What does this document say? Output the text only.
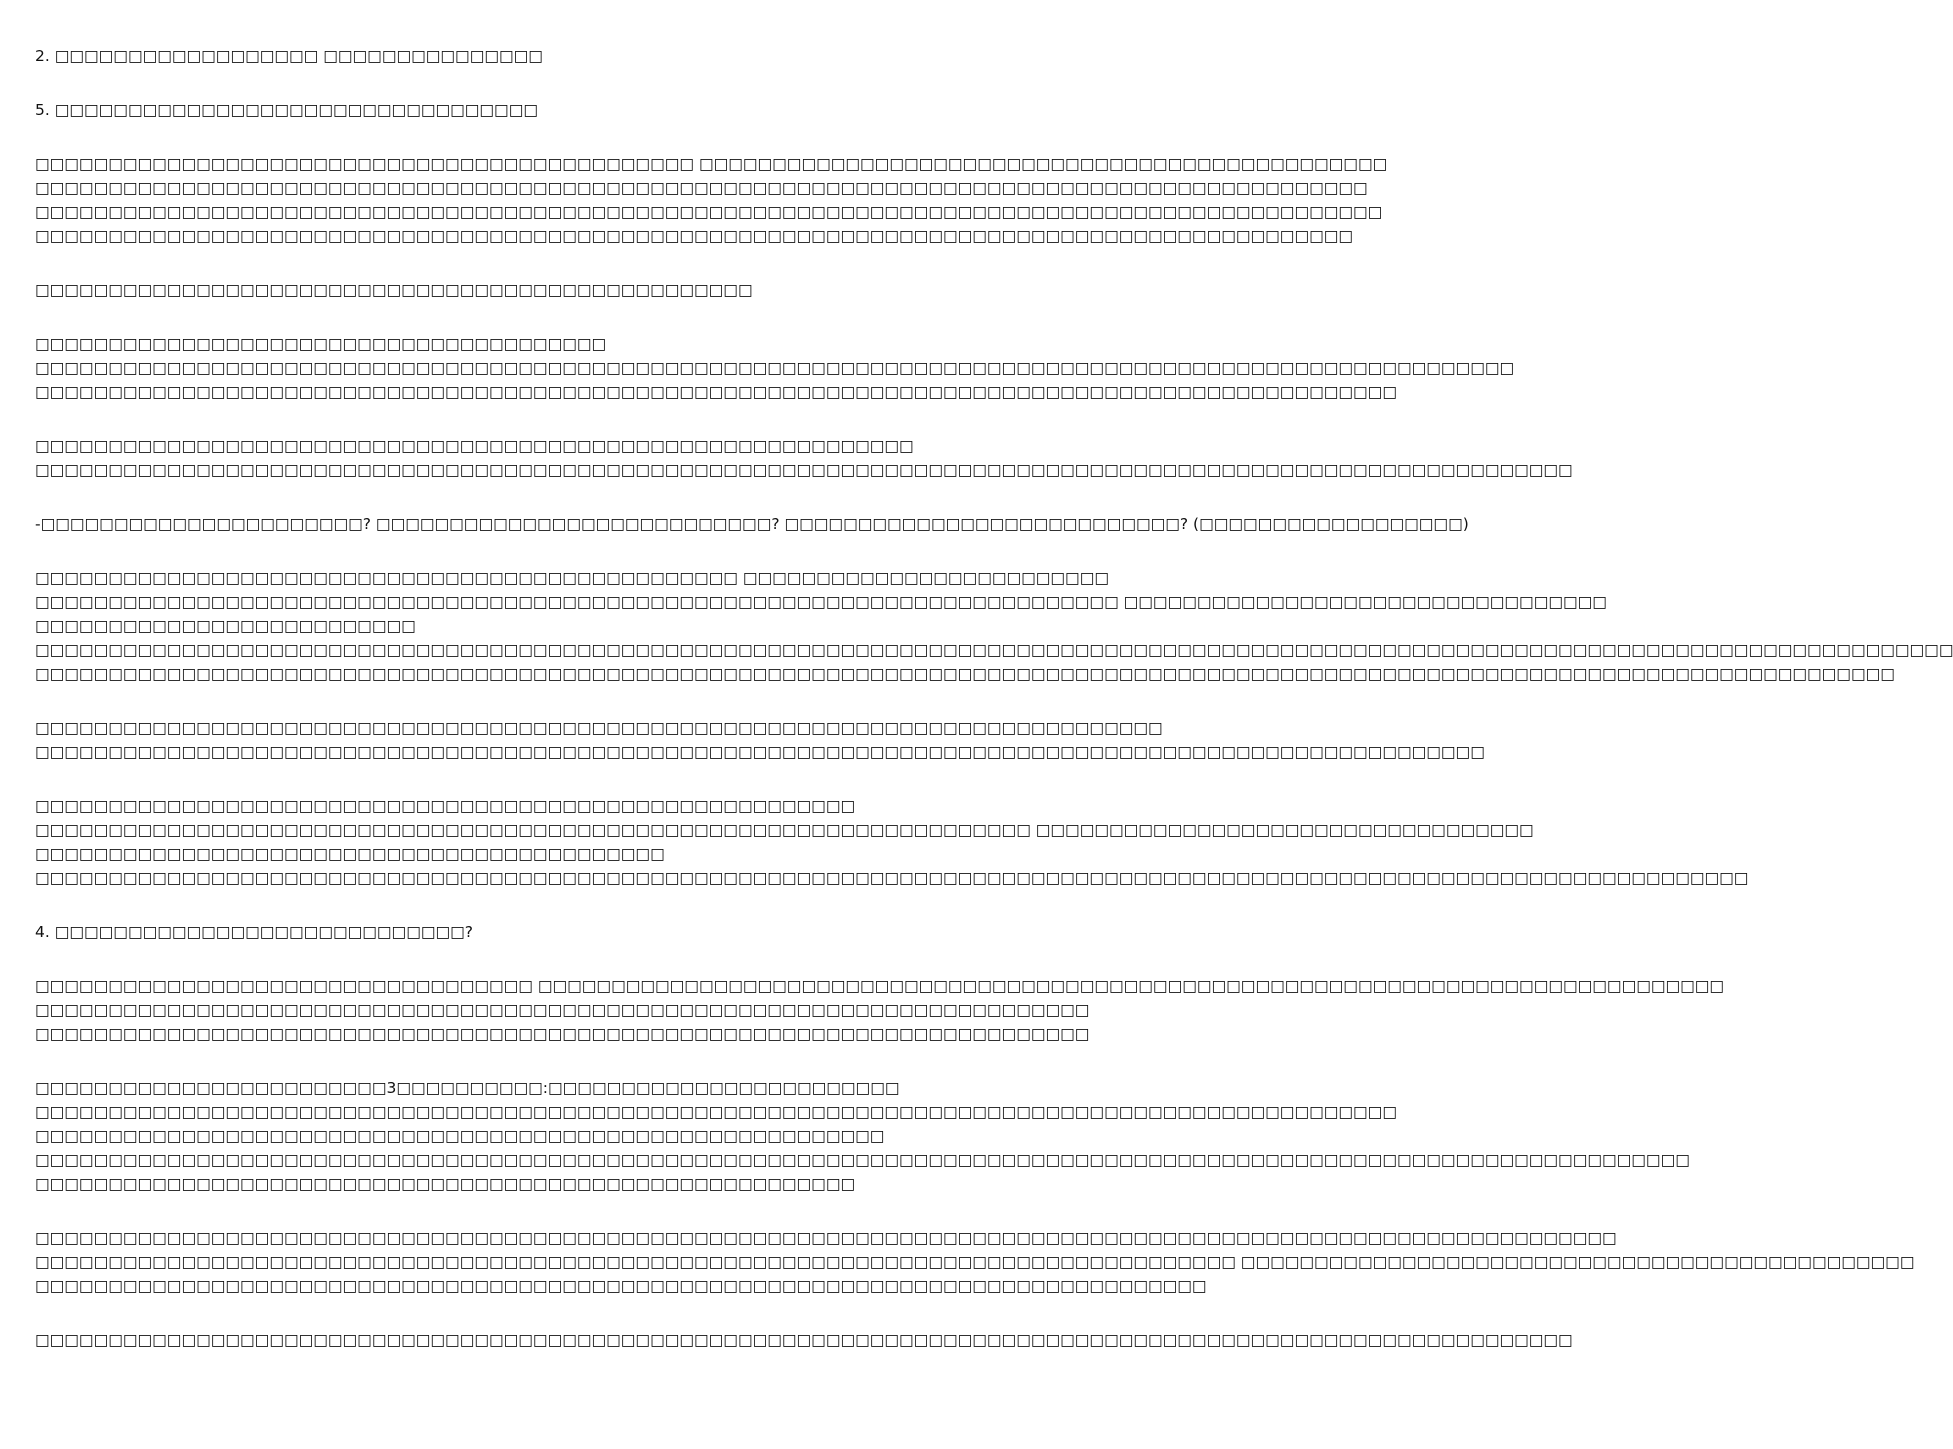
2. □□□□□□□□□□□□□□□□□□ □□□□□□□□□□□□□□□
5. □□□□□□□□□□□□□□□□□□□□□□□□□□□□□□□□□
□□□□□□□□□□□□□□□□□□□□□□□□□□□□□□□□□□□□□□□□□□□□□ □□□□□□□□□□□□□□□□□□□□□□□□□□□□□□□□□□□□□□□□□□□□□□□
□□□□□□□□□□□□□□□□□□□□□□□□□□□□□□□□□□□□□□□□□□□□□□□□□□□□□□□□□□□□□□□□□□□□□□□□□□□□□□□□□□□□□□□□□□□
□□□□□□□□□□□□□□□□□□□□□□□□□□□□□□□□□□□□□□□□□□□□□□□□□□□□□□□□□□□□□□□□□□□□□□□□□□□□□□□□□□□□□□□□□□□□
□□□□□□□□□□□□□□□□□□□□□□□□□□□□□□□□□□□□□□□□□□□□□□□□□□□□□□□□□□□□□□□□□□□□□□□□□□□□□□□□□□□□□□□□□□
□□□□□□□□□□□□□□□□□□□□□□□□□□□□□□□□□□□□□□□□□□□□□□□□□
□□□□□□□□□□□□□□□□□□□□□□□□□□□□□□□□□□□□□□□
□□□□□□□□□□□□□□□□□□□□□□□□□□□□□□□□□□□□□□□□□□□□□□□□□□□□□□□□□□□□□□□□□□□□□□□□□□□□□□□□□□□□□□□□□□□□□□□□□□□□□
□□□□□□□□□□□□□□□□□□□□□□□□□□□□□□□□□□□□□□□□□□□□□□□□□□□□□□□□□□□□□□□□□□□□□□□□□□□□□□□□□□□□□□□□□□□□□
□□□□□□□□□□□□□□□□□□□□□□□□□□□□□□□□□□□□□□□□□□□□□□□□□□□□□□□□□□□□
□□□□□□□□□□□□□□□□□□□□□□□□□□□□□□□□□□□□□□□□□□□□□□□□□□□□□□□□□□□□□□□□□□□□□□□□□□□□□□□□□□□□□□□□□□□□□□□□□□□□□□□□□
-□□□□□□□□□□□□□□□□□□□□□□? □□□□□□□□□□□□□□□□□□□□□□□□□□□? □□□□□□□□□□□□□□□□□□□□□□□□□□□? (□□□□□□□□□□□□□□□□□□)
□□□□□□□□□□□□□□□□□□□□□□□□□□□□□□□□□□□□□□□□□□□□□□□□ □□□□□□□□□□□□□□□□□□□□□□□□□
□□□□□□□□□□□□□□□□□□□□□□□□□□□□□□□□□□□□□□□□□□□□□□□□□□□□□□□□□□□□□□□□□□□□□□□□□□ □□□□□□□□□□□□□□□□□□□□□□□□□□□□□□□□□
□□□□□□□□□□□□□□□□□□□□□□□□□□
□□□□□□□□□□□□□□□□□□□□□□□□□□□□□□□□□□□□□□□□□□□□□□□□□□□□□□□□□□□□□□□□□□□□□□□□□□□□□□□□□□□□□□□□□□□□□□□□□□□□□□□□□□□□□□□□□□□□□□□□□□□□□□□□□□□
□□□□□□□□□□□□□□□□□□□□□□□□□□□□□□□□□□□□□□□□□□□□□□□□□□□□□□□□□□□□□□□□□□□□□□□□□□□□□□□□□□□□□□□□□□□□□□□□□□□□□□□□□□□□□□□□□□□□□□□□□□□□□□□
□□□□□□□□□□□□□□□□□□□□□□□□□□□□□□□□□□□□□□□□□□□□□□□□□□□□□□□□□□□□□□□□□□□□□□□□□□□□□
□□□□□□□□□□□□□□□□□□□□□□□□□□□□□□□□□□□□□□□□□□□□□□□□□□□□□□□□□□□□□□□□□□□□□□□□□□□□□□□□□□□□□□□□□□□□□□□□□□□
□□□□□□□□□□□□□□□□□□□□□□□□□□□□□□□□□□□□□□□□□□□□□□□□□□□□□□□□
□□□□□□□□□□□□□□□□□□□□□□□□□□□□□□□□□□□□□□□□□□□□□□□□□□□□□□□□□□□□□□□□□□□□ □□□□□□□□□□□□□□□□□□□□□□□□□□□□□□□□□□
□□□□□□□□□□□□□□□□□□□□□□□□□□□□□□□□□□□□□□□□□□□
□□□□□□□□□□□□□□□□□□□□□□□□□□□□□□□□□□□□□□□□□□□□□□□□□□□□□□□□□□□□□□□□□□□□□□□□□□□□□□□□□□□□□□□□□□□□□□□□□□□□□□□□□□□□□□□□□□□□□
4. □□□□□□□□□□□□□□□□□□□□□□□□□□□□?
□□□□□□□□□□□□□□□□□□□□□□□□□□□□□□□□□□ □□□□□□□□□□□□□□□□□□□□□□□□□□□□□□□□□□□□□□□□□□□□□□□□□□□□□□□□□□□□□□□□□□□□□□□□□□□□□□□□□
□□□□□□□□□□□□□□□□□□□□□□□□□□□□□□□□□□□□□□□□□□□□□□□□□□□□□□□□□□□□□□□□□□□□□□□□
□□□□□□□□□□□□□□□□□□□□□□□□□□□□□□□□□□□□□□□□□□□□□□□□□□□□□□□□□□□□□□□□□□□□□□□□
□□□□□□□□□□□□□□□□□□□□□□□□3□□□□□□□□□□:□□□□□□□□□□□□□□□□□□□□□□□□
□□□□□□□□□□□□□□□□□□□□□□□□□□□□□□□□□□□□□□□□□□□□□□□□□□□□□□□□□□□□□□□□□□□□□□□□□□□□□□□□□□□□□□□□□□□□□
□□□□□□□□□□□□□□□□□□□□□□□□□□□□□□□□□□□□□□□□□□□□□□□□□□□□□□□□□□
□□□□□□□□□□□□□□□□□□□□□□□□□□□□□□□□□□□□□□□□□□□□□□□□□□□□□□□□□□□□□□□□□□□□□□□□□□□□□□□□□□□□□□□□□□□□□□□□□□□□□□□□□□□□□□□□□
□□□□□□□□□□□□□□□□□□□□□□□□□□□□□□□□□□□□□□□□□□□□□□□□□□□□□□□□
□□□□□□□□□□□□□□□□□□□□□□□□□□□□□□□□□□□□□□□□□□□□□□□□□□□□□□□□□□□□□□□□□□□□□□□□□□□□□□□□□□□□□□□□□□□□□□□□□□□□□□□□□□□□
□□□□□□□□□□□□□□□□□□□□□□□□□□□□□□□□□□□□□□□□□□□□□□□□□□□□□□□□□□□□□□□□□□□□□□□□□□□□□□□□□□ □□□□□□□□□□□□□□□□□□□□□□□□□□□□□□□□□□□□□□□□□□□□□□
□□□□□□□□□□□□□□□□□□□□□□□□□□□□□□□□□□□□□□□□□□□□□□□□□□□□□□□□□□□□□□□□□□□□□□□□□□□□□□□□
□□□□□□□□□□□□□□□□□□□□□□□□□□□□□□□□□□□□□□□□□□□□□□□□□□□□□□□□□□□□□□□□□□□□□□□□□□□□□□□□□□□□□□□□□□□□□□□□□□□□□□□□□
